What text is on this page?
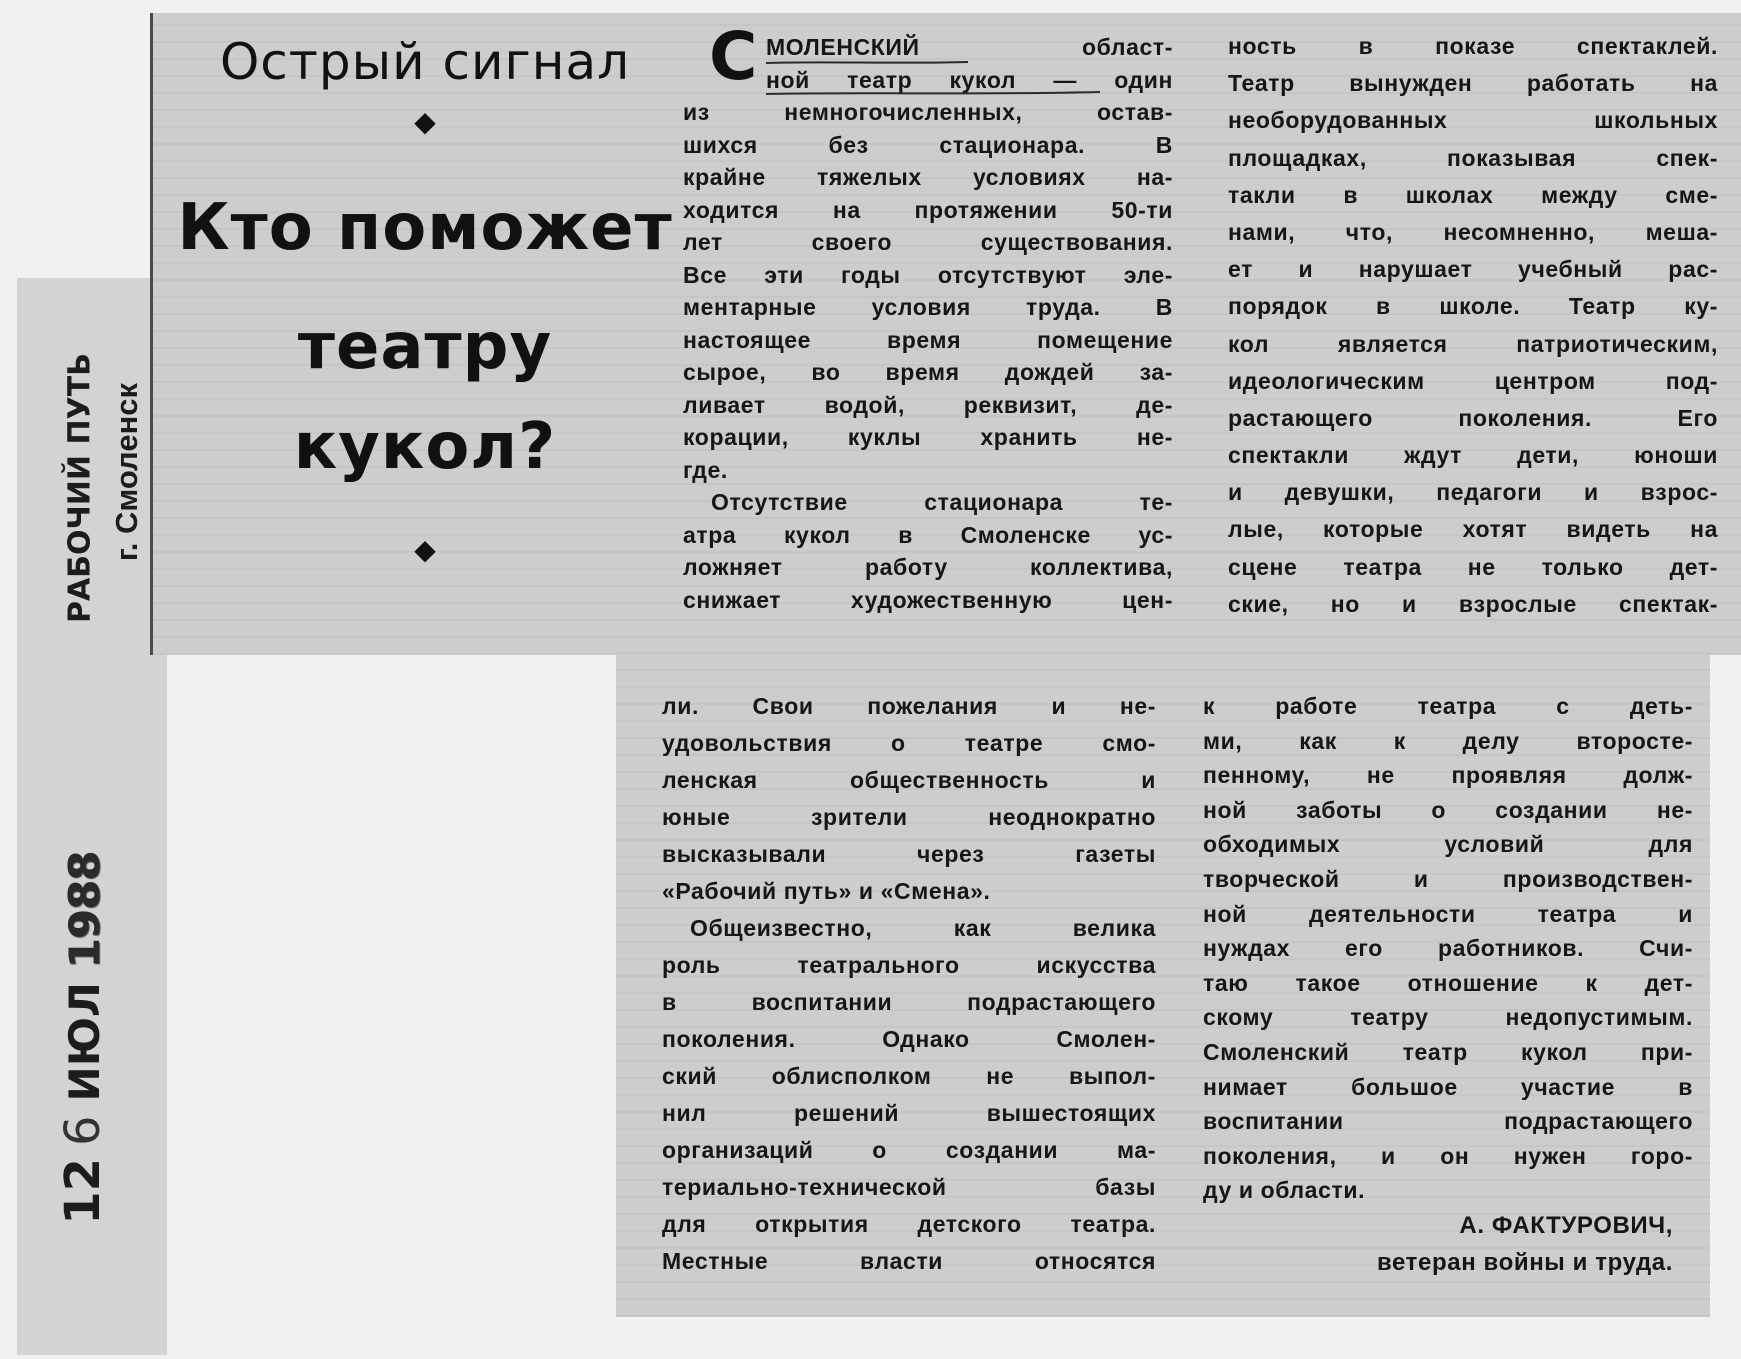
РАБОЧИЙ ПУТЬ г. Смоленск
126ИЮЛ1988
Острый сигнал
◆
Кто поможет
театру
кукол?
◆
С МОЛЕНСКИЙ област-
ной театр кукол — один
из немногочисленных, остав-
шихся без стационара. В
крайне тяжелых условиях на-
ходится на протяжении 50-ти
лет своего существования.
Все эти годы отсутствуют эле-
ментарные условия труда. В
настоящее время помещение
сырое, во время дождей за-
ливает водой, реквизит, де-
корации, куклы хранить не-
где.
Отсутствие стационара те-
атра кукол в Смоленске ус-
ложняет работу коллектива,
снижает художественную цен-
ность в показе спектаклей.
Театр вынужден работать на
необорудованных школьных
площадках, показывая спек-
такли в школах между сме-
нами, что, несомненно, меша-
ет и нарушает учебный рас-
порядок в школе. Театр ку-
кол является патриотическим,
идеологическим центром под-
растающего поколения. Его
спектакли ждут дети, юноши
и девушки, педагоги и взрос-
лые, которые хотят видеть на
сцене театра не только дет-
ские, но и взрослые спектак-
ли. Свои пожелания и не-
удовольствия о театре смо-
ленская общественность и
юные зрители неоднократно
высказывали через газеты
«Рабочий путь» и «Смена».
Общеизвестно, как велика
роль театрального искусства
в воспитании подрастающего
поколения. Однако Смолен-
ский облисполком не выпол-
нил решений вышестоящих
организаций о создании ма-
териально-технической базы
для открытия детского театра.
Местные власти относятся
к работе театра с деть-
ми, как к делу второсте-
пенному, не проявляя долж-
ной заботы о создании не-
обходимых условий для
творческой и производствен-
ной деятельности театра и
нуждах его работников. Счи-
таю такое отношение к дет-
скому театру недопустимым.
Смоленский театр кукол при-
нимает большое участие в
воспитании подрастающего
поколения, и он нужен горо-
ду и области.
А. ФАКТУРОВИЧ,
ветеран войны и труда.
